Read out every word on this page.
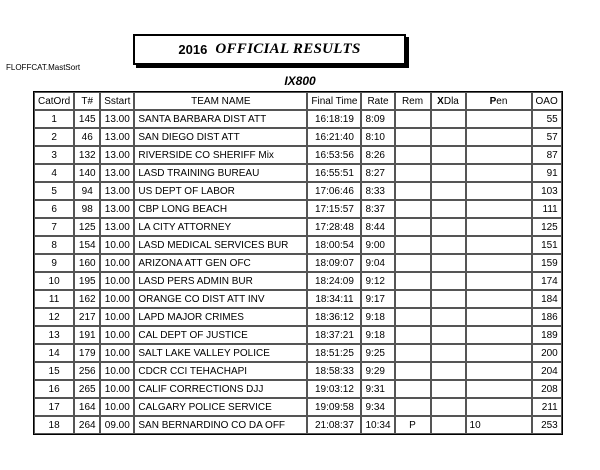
FLOFFCAT.MastSort
2016 OFFICIAL RESULTS
IX800
CatOrd	T#	Sstart	TEAM NAME	Final Time	Rate	Rem	XDla	Pen	OAO
1	145	13.00	SANTA BARBARA DIST ATT	16:18:19	8:09				55
2	46	13.00	SAN DIEGO DIST ATT	16:21:40	8:10				57
3	132	13.00	RIVERSIDE CO SHERIFF Mix	16:53:56	8:26				87
4	140	13.00	LASD TRAINING BUREAU	16:55:51	8:27				91
5	94	13.00	US DEPT OF LABOR	17:06:46	8:33				103
6	98	13.00	CBP LONG BEACH	17:15:57	8:37				111
7	125	13.00	LA CITY ATTORNEY	17:28:48	8:44				125
8	154	10.00	LASD MEDICAL SERVICES BUR	18:00:54	9:00				151
9	160	10.00	ARIZONA ATT GEN OFC	18:09:07	9:04				159
10	195	10.00	LASD PERS ADMIN BUR	18:24:09	9:12				174
11	162	10.00	ORANGE CO DIST ATT INV	18:34:11	9:17				184
12	217	10.00	LAPD MAJOR CRIMES	18:36:12	9:18				186
13	191	10.00	CAL DEPT OF JUSTICE	18:37:21	9:18				189
14	179	10.00	SALT LAKE VALLEY POLICE	18:51:25	9:25				200
15	256	10.00	CDCR CCI TEHACHAPI	18:58:33	9:29				204
16	265	10.00	CALIF CORRECTIONS DJJ	19:03:12	9:31				208
17	164	10.00	CALGARY POLICE SERVICE	19:09:58	9:34				211
18	264	09.00	SAN BERNARDINO CO DA OFF	21:08:37	10:34	P		10	253
